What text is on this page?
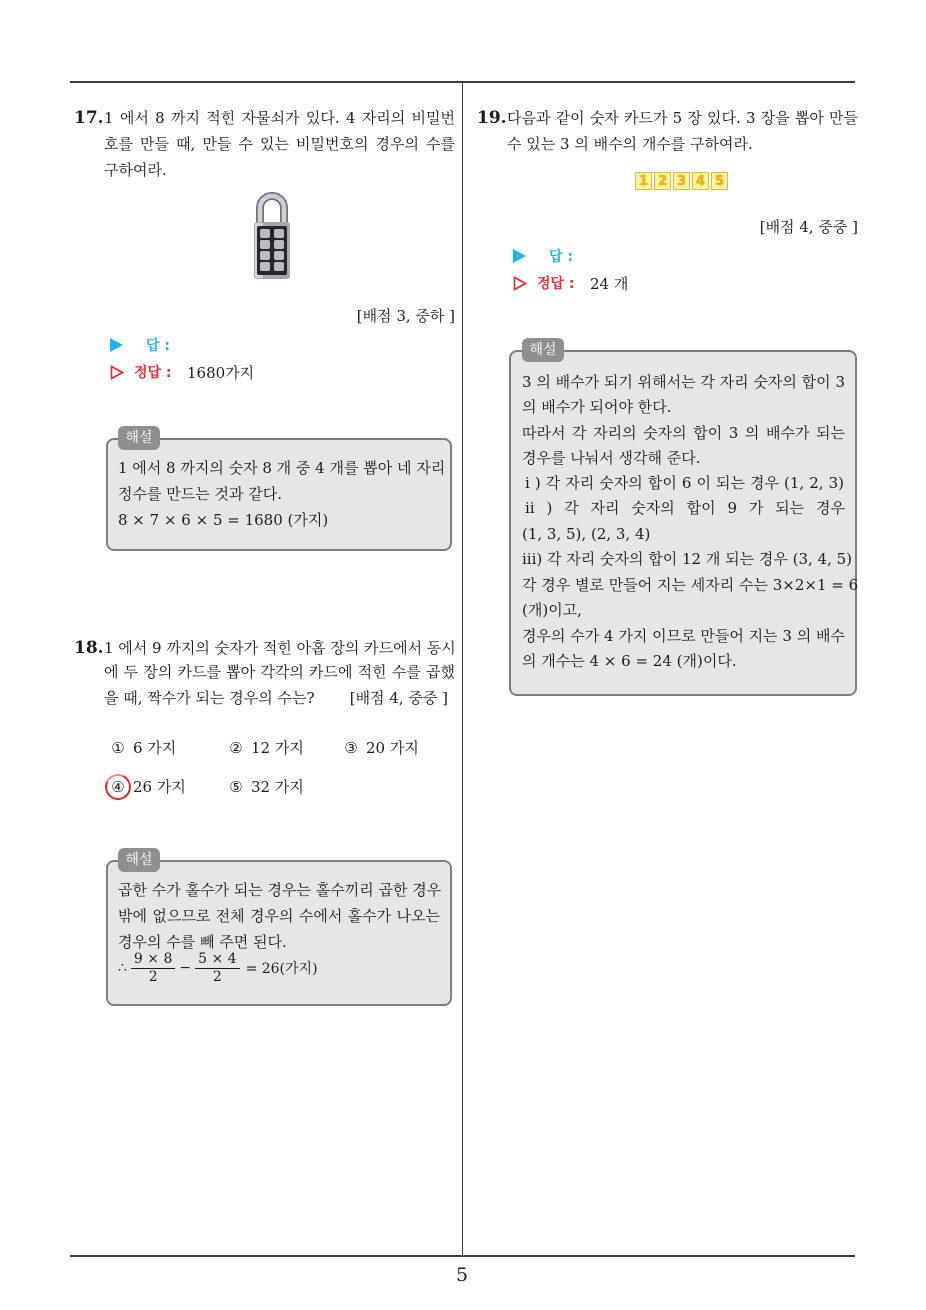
17. 1 에서 8 까지 적힌 자물쇠가 있다. 4 자리의 비밀번
호를 만들 때, 만들 수 있는 비밀번호의 경우의 수를
구하여라.
[배점 3, 중하 ]
답 :
정답 :	1680가지
해설
1 에서 8 까지의 숫자 8 개 중 4 개를 뽑아 네 자리
정수를 만드는 것과 같다.
8 × 7 × 6 × 5 = 1680 (가지)
18. 1 에서 9 까지의 숫자가 적힌 아홉 장의 카드에서 동시
에 두 장의 카드를 뽑아 각각의 카드에 적힌 수를 곱했
을 때, 짝수가 되는 경우의 수는? [배점 4, 중중 ]
① 6 가지	② 12 가지	③ 20 가지
④ 26 가지	⑤ 32 가지
해설
곱한 수가 홀수가 되는 경우는 홀수끼리 곱한 경우
밖에 없으므로 전체 경우의 수에서 홀수가 나오는
경우의 수를 빼 주면 된다.
∴ $\frac{9 \times 8}{2} - \frac{5 \times 4}{2} = 26$(가지)
19. 다음과 같이 숫자 카드가 5 장 있다. 3 장을 뽑아 만들
수 있는 3 의 배수의 개수를 구하여라.
1 2 3 4 5
[배점 4, 중중 ]
답 :
정답 :	24 개
해설
3 의 배수가 되기 위해서는 각 자리 숫자의 합이 3
의 배수가 되어야 한다.
따라서 각 자리의 숫자의 합이 3 의 배수가 되는
경우를 나눠서 생각해 준다.
i ) 각 자리 숫자의 합이 6 이 되는 경우 (1, 2, 3)
ii ) 각 자리 숫자의 합이 9 가 되는 경우
(1, 3, 5), (2, 3, 4)
iii) 각 자리 숫자의 합이 12 개 되는 경우 (3, 4, 5)
각 경우 별로 만들어 지는 세자리 수는 3×2×1 = 6
(개)이고,
경우의 수가 4 가지 이므로 만들어 지는 3 의 배수
의 개수는 4 × 6 = 24 (개)이다.
5
